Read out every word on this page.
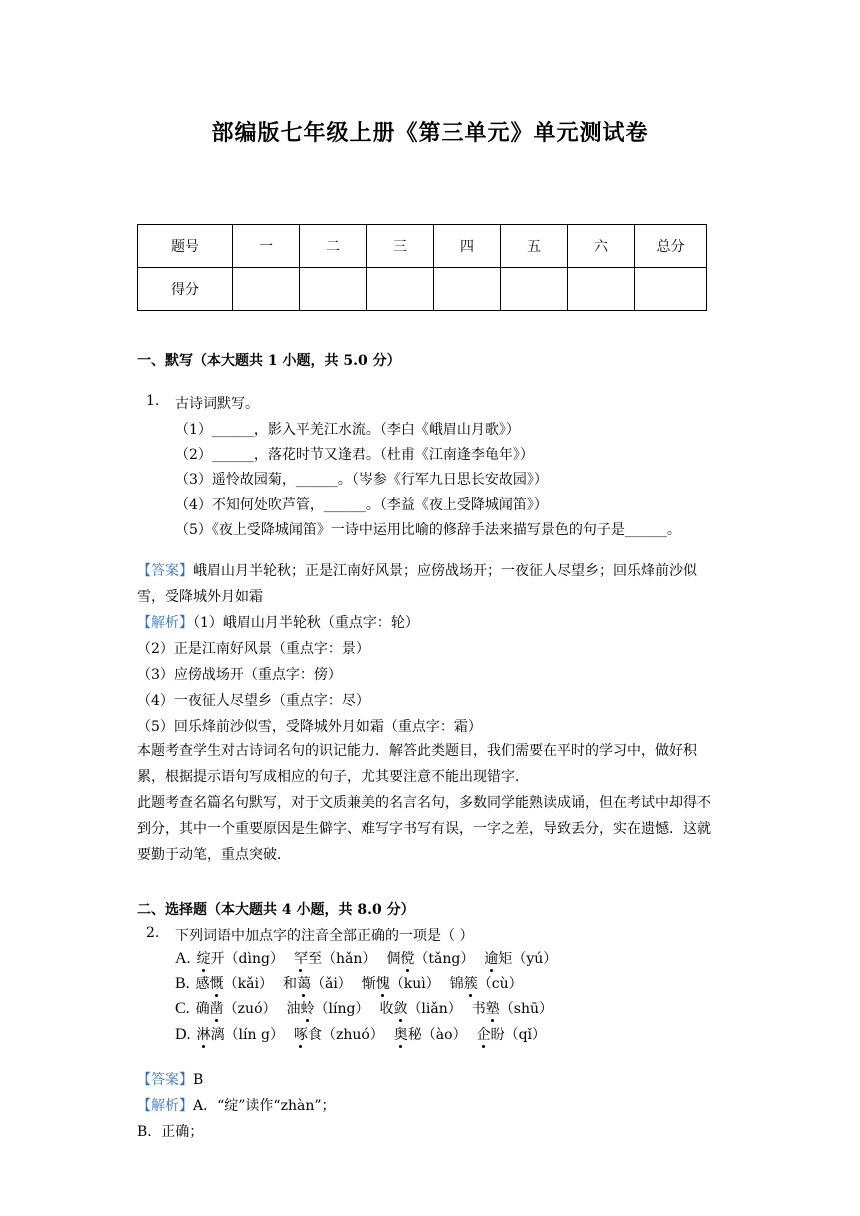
部编版七年级上册《第三单元》单元测试卷
题号	一	二	三	四	五	六	总分
得分							
一、默写（本大题共 1 小题，共 5.0 分）
1. 古诗词默写。
（1）______，影入平羌江水流。（李白《峨眉山月歌》）
（2）______，落花时节又逢君。（杜甫《江南逢李龟年》）
（3）遥怜故园菊，______。（岑参《行军九日思长安故园》）
（4）不知何处吹芦管，______。（李益《夜上受降城闻笛》）
（5）《夜上受降城闻笛》一诗中运用比喻的修辞手法来描写景色的句子是______。
【答案】峨眉山月半轮秋；正是江南好风景；应傍战场开；一夜征人尽望乡；回乐烽前沙似雪，受降城外月如霜
【解析】（1）峨眉山月半轮秋（重点字：轮）
（2）正是江南好风景（重点字：景）
（3）应傍战场开（重点字：傍）
（4）一夜征人尽望乡（重点字：尽）
（5）回乐烽前沙似雪，受降城外月如霜（重点字：霜）
本题考查学生对古诗词名句的识记能力．解答此类题目，我们需要在平时的学习中，做好积累，根据提示语句写成相应的句子，尤其要注意不能出现错字．
此题考查名篇名句默写，对于文质兼美的名言名句，多数同学能熟读成诵，但在考试中却得不到分，其中一个重要原因是生僻字、难写字书写有误，一字之差，导致丢分，实在遗憾．这就要勤于动笔，重点突破．
二、选择题（本大题共 4 小题，共 8.0 分）
2. 下列词语中加点字的注音全部正确的一项是（ ）
A. 绽开（dìng） 罕至（hǎn） 倜傥（tǎng） 逾矩（yú）
B. 感慨（kǎi） 和蔼（ǎi） 惭愧（kuì） 锦簇（cù）
C. 确凿（zuó） 油蛉（líng） 收敛（liǎn） 书塾（shū）
D. 淋漓（lín g） 啄食（zhuó） 奥秘（ào） 企盼（qǐ）
【答案】B
【解析】A．“绽”读作“zhàn”；
B．正确；
